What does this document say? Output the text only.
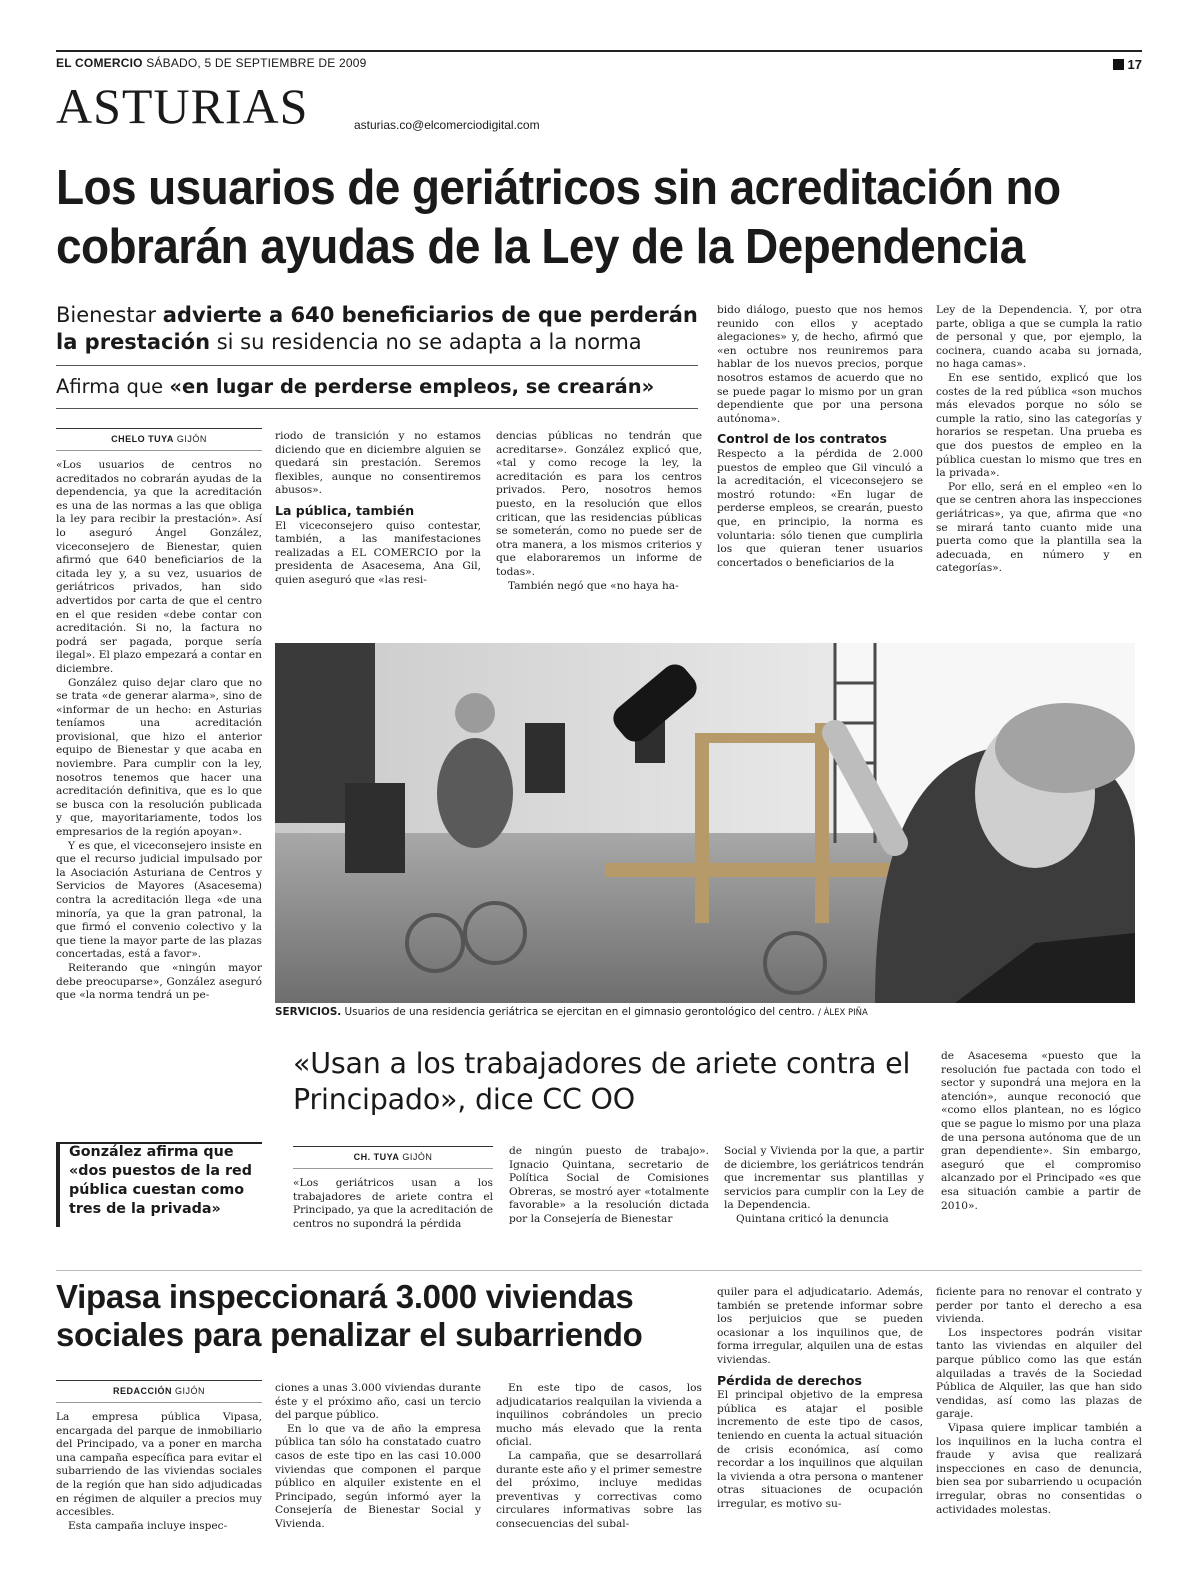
EL COMERCIO SÁBADO, 5 DE SEPTIEMBRE DE 2009	17
ASTURIAS	asturias.co@elcomerciodigital.com
Los usuarios de geriátricos sin acreditación no cobrarán ayudas de la Ley de la Dependencia
Bienestar advierte a 640 beneficiarios de que perderán la prestación si su residencia no se adapta a la norma
Afirma que «en lugar de perderse empleos, se crearán»
CHELO TUYA GIJÓN

«Los usuarios de centros no acreditados no cobrarán ayudas de la dependencia, ya que la acreditación es una de las normas a las que obliga la ley para recibir la prestación». Así lo aseguró Ángel González, viceconsejero de Bienestar, quien afirmó que 640 beneficiarios de la citada ley y, a su vez, usuarios de geriátricos privados, han sido advertidos por carta de que el centro en el que residen «debe contar con acreditación. Si no, la factura no podrá ser pagada, porque sería ilegal». El plazo empezará a contar en diciembre.

González quiso dejar claro que no se trata «de generar alarma», sino de «informar de un hecho: en Asturias teníamos una acreditación provisional, que hizo el anterior equipo de Bienestar y que acaba en noviembre. Para cumplir con la ley, nosotros tenemos que hacer una acreditación definitiva, que es lo que se busca con la resolución publicada y que, mayoritariamente, todos los empresarios de la región apoyan».

Y es que, el viceconsejero insiste en que el recurso judicial impulsado por la Asociación Asturiana de Centros y Servicios de Mayores (Asacesema) contra la acreditación llega «de una minoría, ya que la gran patronal, la que firmó el convenio colectivo y la que tiene la mayor parte de las plazas concertadas, está a favor».

Reiterando que «ningún mayor debe preocuparse», González aseguró que «la norma tendrá un pe-

riodo de transición y no estamos diciendo que en diciembre alguien se quedará sin prestación. Seremos flexibles, aunque no consentiremos abusos».

La pública, también

El viceconsejero quiso contestar, también, a las manifestaciones realizadas a EL COMERCIO por la presidenta de Asacesema, Ana Gil, quien aseguró que «las resi-

dencias públicas no tendrán que acreditarse». González explicó que, «tal y como recoge la ley, la acreditación es para los centros privados. Pero, nosotros hemos puesto, en la resolución que ellos critican, que las residencias públicas se someterán, como no puede ser de otra manera, a los mismos criterios y que elaboraremos un informe de todas».

También negó que «no haya ha-

bido diálogo, puesto que nos hemos reunido con ellos y aceptado alegaciones» y, de hecho, afirmó que «en octubre nos reuniremos para hablar de los nuevos precios, porque nosotros estamos de acuerdo que no se puede pagar lo mismo por un gran dependiente que por una persona autónoma».

Control de los contratos

Respecto a la pérdida de 2.000 puestos de empleo que Gil vinculó a la acreditación, el viceconsejero se mostró rotundo: «En lugar de perderse empleos, se crearán, puesto que, en principio, la norma es voluntaria: sólo tienen que cumplirla los que quieran tener usuarios concertados o beneficiarios de la

Ley de la Dependencia. Y, por otra parte, obliga a que se cumpla la ratio de personal y que, por ejemplo, la cocinera, cuando acaba su jornada, no haga camas».

En ese sentido, explicó que los costes de la red pública «son muchos más elevados porque no sólo se cumple la ratio, sino las categorías y horarios se respetan. Una prueba es que dos puestos de empleo en la pública cuestan lo mismo que tres en la privada».

Por ello, será en el empleo «en lo que se centren ahora las inspecciones geriátricas», ya que, afirma que «no se mirará tanto cuanto mide una puerta como que la plantilla sea la adecuada, en número y en categorías».

SERVICIOS. Usuarios de una residencia geriátrica se ejercitan en el gimnasio gerontológico del centro. / ÁLEX PIÑA
González afirma que «dos puestos de la red pública cuestan como tres de la privada»
«Usan a los trabajadores de ariete contra el Principado», dice CC OO
CH. TUYA GIJÓN

«Los geriátricos usan a los trabajadores de ariete contra el Principado, ya que la acreditación de centros no supondrá la pérdida

de ningún puesto de trabajo». Ignacio Quintana, secretario de Política Social de Comisiones Obreras, se mostró ayer «totalmente favorable» a la resolución dictada por la Consejería de Bienestar

Social y Vivienda por la que, a partir de diciembre, los geriátricos tendrán que incrementar sus plantillas y servicios para cumplir con la Ley de la Dependencia.

Quintana criticó la denuncia

de Asacesema «puesto que la resolución fue pactada con todo el sector y supondrá una mejora en la atención», aunque reconoció que «como ellos plantean, no es lógico que se pague lo mismo por una plaza de una persona autónoma que de un gran dependiente». Sin embargo, aseguró que el compromiso alcanzado por el Principado «es que esa situación cambie a partir de 2010».

Vipasa inspeccionará 3.000 viviendas sociales para penalizar el subarriendo
REDACCIÓN GIJÓN

La empresa pública Vipasa, encargada del parque de inmobiliario del Principado, va a poner en marcha una campaña específica para evitar el subarriendo de las viviendas sociales de la región que han sido adjudicadas en régimen de alquiler a precios muy accesibles.

Esta campaña incluye inspec-

ciones a unas 3.000 viviendas durante éste y el próximo año, casi un tercio del parque público.

En lo que va de año la empresa pública tan sólo ha constatado cuatro casos de este tipo en las casi 10.000 viviendas que componen el parque público en alquiler existente en el Principado, según informó ayer la Consejería de Bienestar Social y Vivienda.

En este tipo de casos, los adjudicatarios realquilan la vivienda a inquilinos cobrándoles un precio mucho más elevado que la renta oficial.

La campaña, que se desarrollará durante este año y el primer semestre del próximo, incluye medidas preventivas y correctivas como circulares informativas sobre las consecuencias del subal-

quiler para el adjudicatario. Además, también se pretende informar sobre los perjuicios que se pueden ocasionar a los inquilinos que, de forma irregular, alquilen una de estas viviendas.

Pérdida de derechos

El principal objetivo de la empresa pública es atajar el posible incremento de este tipo de casos, teniendo en cuenta la actual situación de crisis económica, así como recordar a los inquilinos que alquilan la vivienda a otra persona o mantener otras situaciones de ocupación irregular, es motivo su-

ficiente para no renovar el contrato y perder por tanto el derecho a esa vivienda.

Los inspectores podrán visitar tanto las viviendas en alquiler del parque público como las que están alquiladas a través de la Sociedad Pública de Alquiler, las que han sido vendidas, así como las plazas de garaje.

Vipasa quiere implicar también a los inquilinos en la lucha contra el fraude y avisa que realizará inspecciones en caso de denuncia, bien sea por subarriendo u ocupación irregular, obras no consentidas o actividades molestas.
